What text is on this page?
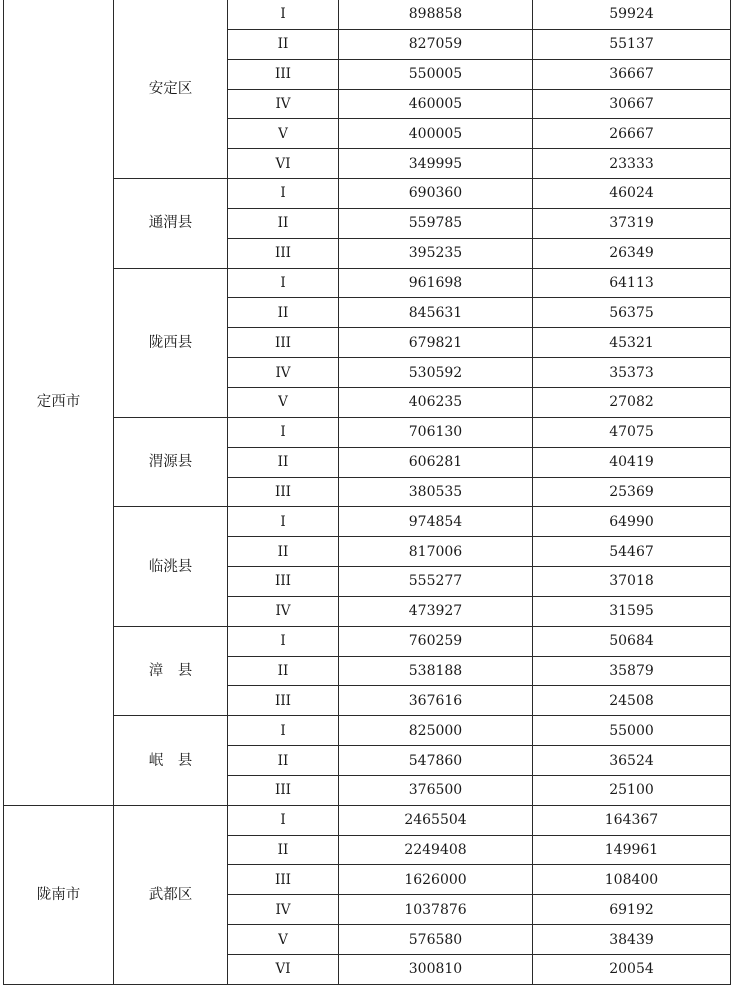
定西市	安定区	I	898858	59924
		II	827059	55137
		III	550005	36667
		IV	460005	30667
		V	400005	26667
		VI	349995	23333
	通渭县	I	690360	46024
		II	559785	37319
		III	395235	26349
	陇西县	I	961698	64113
		II	845631	56375
		III	679821	45321
		IV	530592	35373
		V	406235	27082
	渭源县	I	706130	47075
		II	606281	40419
		III	380535	25369
	临洮县	I	974854	64990
		II	817006	54467
		III	555277	37018
		IV	473927	31595
	漳　县	I	760259	50684
		II	538188	35879
		III	367616	24508
	岷　县	I	825000	55000
		II	547860	36524
		III	376500	25100
陇南市	武都区	I	2465504	164367
		II	2249408	149961
		III	1626000	108400
		IV	1037876	69192
		V	576580	38439
		VI	300810	20054
